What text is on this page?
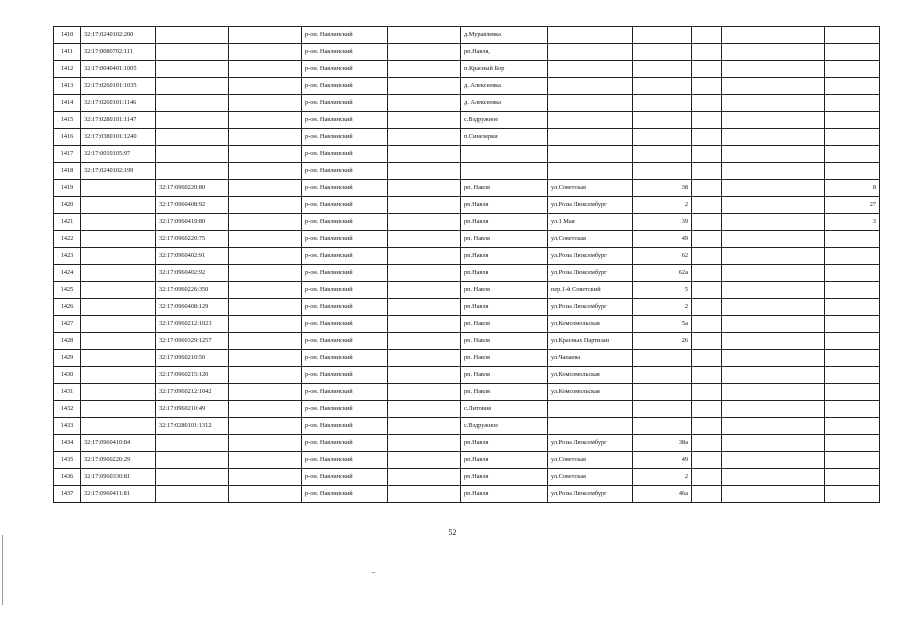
1410	32:17:0240102:200			р-он. Навлинский		д.Муравлевка					
1411	32:17:0080702:111			р-он. Навлинский		рп.Навля,					
1412	32:17:0040401:1005			р-он. Навлинский		п.Красный Бор					
1413	32:17:0260101:1035			р-он. Навлинский		д. Алексеевка					
1414	32:17:0260101:1146			р-он. Навлинский		д. Алексеевка					
1415	32:17:0280101:1147			р-он. Навлинский		с.Вздружное					
1416	32:17:0380101:1240			р-он. Навлинский		п.Синезерки					
1417	32:17:0010105:97			р-он. Навлинский							
1418	32:17:0240102:199			р-он. Навлинский							
1419		32:17:0960220:80		р-он. Навлинский		рп. Навля	ул.Советская	38			8
1420		32:17:0960408:92		р-он. Навлинский		рп.Навля	ул.Розы Люксембург	2			27
1421		32:17:0960419:80		р-он. Навлинский		рп.Навля	ул.1 Мая	39			3
1422		32:17:0960220:75		р-он. Навлинский		рп. Навля	ул.Советская	49			
1423		32:17:0960402:91		р-он. Навлинский		рп.Навля	ул.Розы Люксембург	62			
1424		32:17:0960402:92		р-он. Навлинский		рп.Навля	ул.Розы Люксембург	62а			
1425		32:17:0960226:350		р-он. Навлинский		рп. Навля	пер.1-й Советский	5			
1426		32:17:0960408:129		р-он. Навлинский		рп.Навля	ул.Розы Люксембург	2			
1427		32:17:0960212:1023		р-он. Навлинский		рп. Навля	ул.Комсомольская	5а			
1428		32:17:0960329:1257		р-он. Навлинский		рп. Навля	ул.Красных Партизан	26			
1429		32:17:0960210:50		р-он. Навлинский		рп. Навля	ул.Чапаева				
1430		32:17:0960215:120		р-он. Навлинский		рп. Навля	ул.Комсомольская				
1431		32:17:0960212:1042		р-он. Навлинский		рп. Навля	ул.Комсомольская				
1432		32:17:0960210:49		р-он. Навлинский		с.Литовня					
1433		32:17:0280101:1312		р-он. Навлинский		с.Вздружное					
1434	32:17:0960410:84			р-он. Навлинский		рп.Навля	ул.Розы Люксембург	38а			
1435	32:17:0960220:29			р-он. Навлинский		рп.Навля	ул.Советская	49			
1436	32:17:0960330:81			р-он. Навлинский		рп.Навля	ул.Советская	2			
1437	32:17:0960411:81			р-он. Навлинский		рп.Навля	ул.Розы Люксембург	46а			
52
